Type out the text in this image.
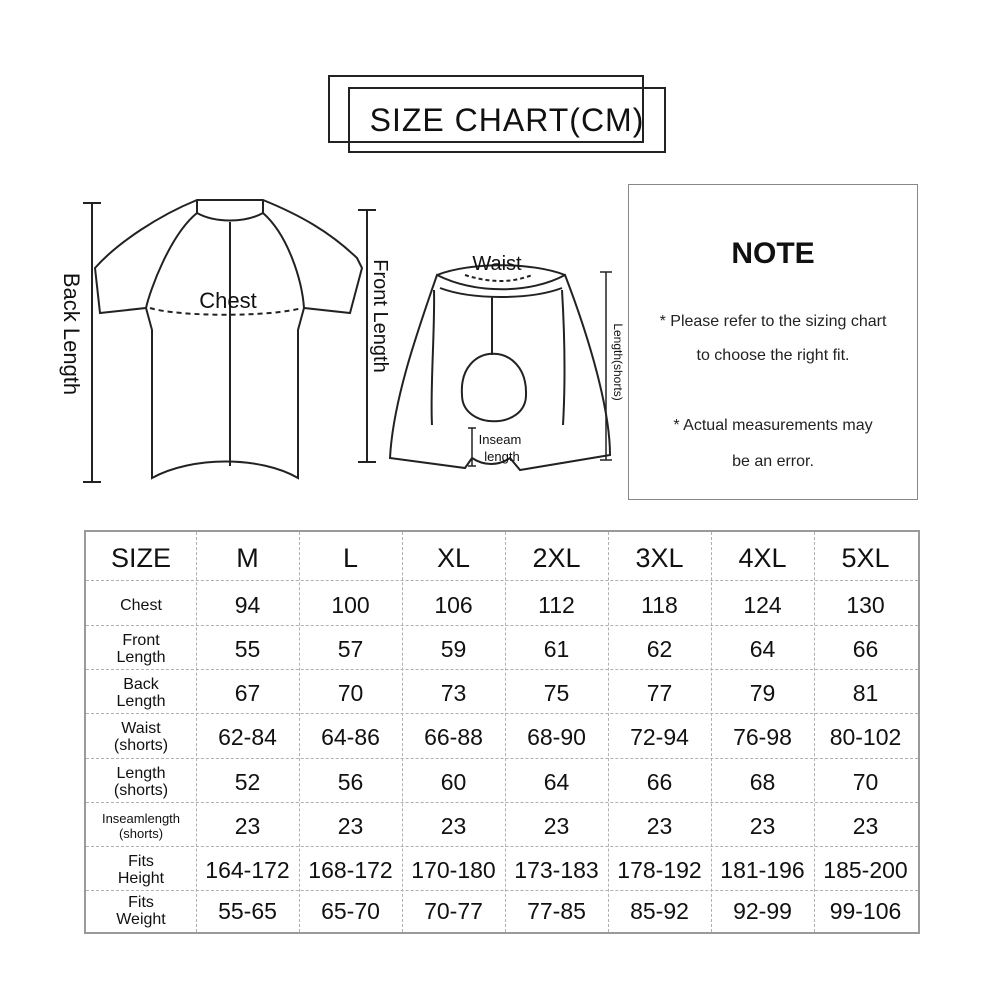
SIZE CHART(CM)
Chest
Back Length	Front Length	Waist
Length(shorts)
Inseam
length
NOTE
* Please refer to the sizing chart
to choose the right fit.
* Actual measurements may
be an error.
SIZE	M	L	XL	2XL	3XL	4XL	5XL
Chest	94	100	106	112	118	124	130
Front
Length	55	57	59	61	62	64	66
Back
Length	67	70	73	75	77	79	81
Waist
(shorts)	62-84	64-86	66-88	68-90	72-94	76-98	80-102
Length
(shorts)	52	56	60	64	66	68	70
Inseamlength
(shorts)	23	23	23	23	23	23	23
Fits
Height	164-172 168-172 170-180 173-183 178-192 181-196 185-200
Fits
Weight	55-65	65-70	70-77	77-85	85-92	92-99	99-106
